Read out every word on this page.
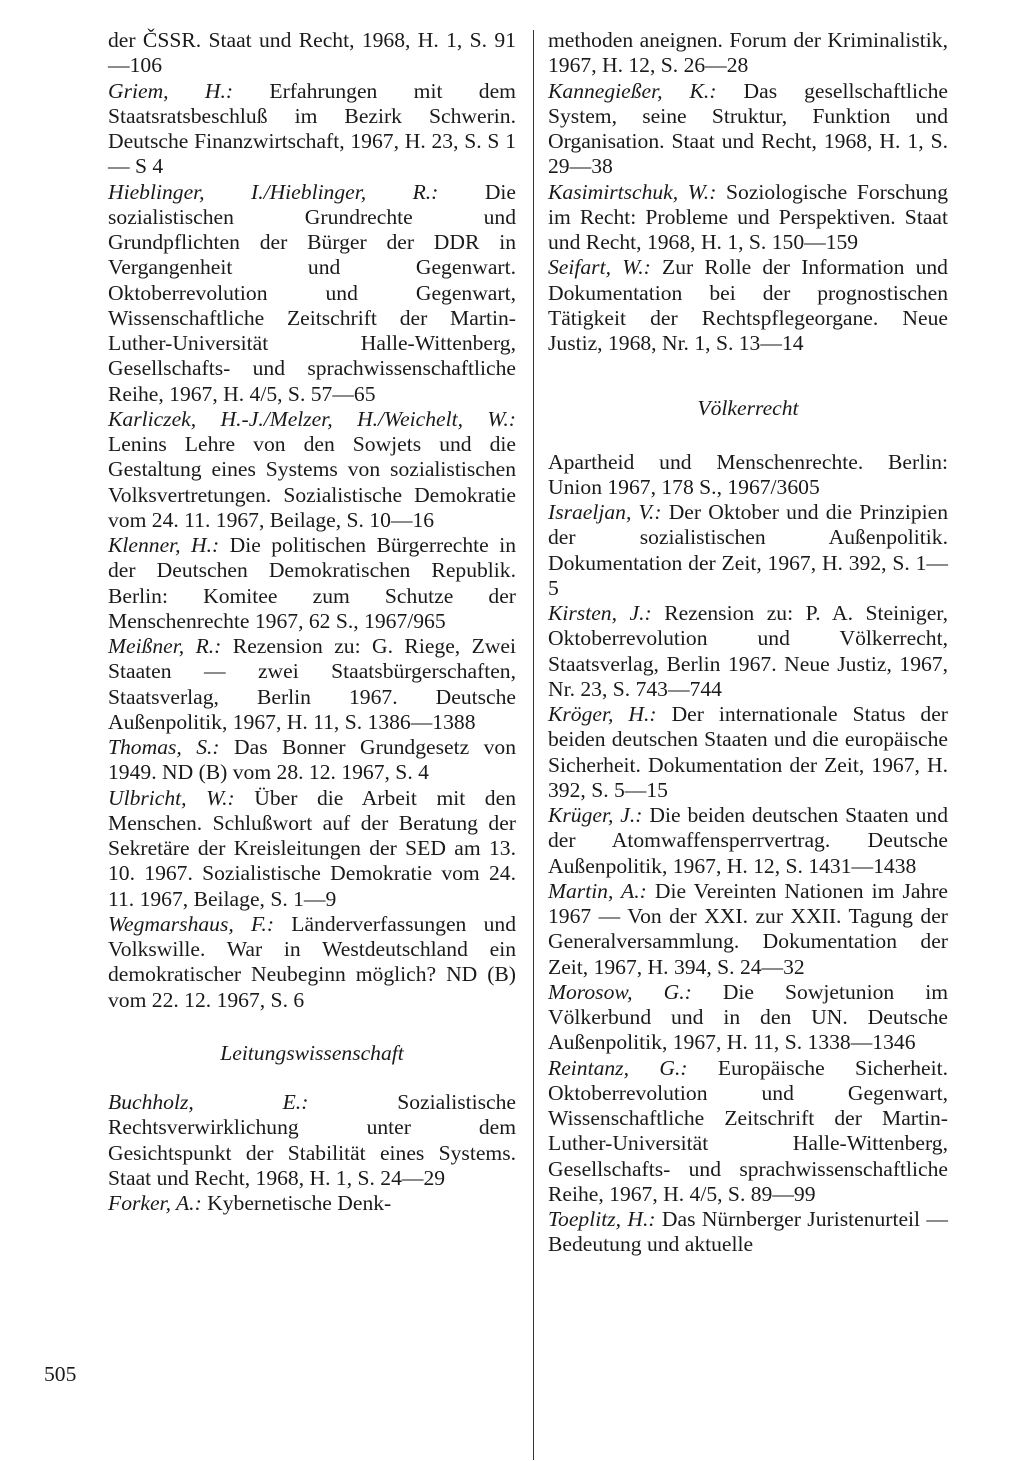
der ČSSR. Staat und Recht, 1968, H. 1, S. 91—106

Griem, H.: Erfahrungen mit dem Staatsratsbeschluß im Bezirk Schwerin. Deutsche Finanzwirtschaft, 1967, H. 23, S. S 1— S 4

Hieblinger, I./Hieblinger, R.: Die sozialistischen Grundrechte und Grundpflichten der Bürger der DDR in Vergangenheit und Gegenwart. Oktoberrevolution und Gegenwart, Wissenschaftliche Zeitschrift der Martin-Luther-Universität Halle-Wittenberg, Gesellschafts- und sprachwissenschaftliche Reihe, 1967, H. 4/5, S. 57—65

Karliczek, H.-J./Melzer, H./Weichelt, W.: Lenins Lehre von den Sowjets und die Gestaltung eines Systems von sozialistischen Volksvertretungen. Sozialistische Demokratie vom 24. 11. 1967, Beilage, S. 10—16

Klenner, H.: Die politischen Bürgerrechte in der Deutschen Demokratischen Republik. Berlin: Komitee zum Schutze der Menschenrechte 1967, 62 S., 1967/965

Meißner, R.: Rezension zu: G. Riege, Zwei Staaten — zwei Staatsbürgerschaften, Staatsverlag, Berlin 1967. Deutsche Außenpolitik, 1967, H. 11, S. 1386—1388

Thomas, S.: Das Bonner Grundgesetz von 1949. ND (B) vom 28. 12. 1967, S. 4

Ulbricht, W.: Über die Arbeit mit den Menschen. Schlußwort auf der Beratung der Sekretäre der Kreisleitungen der SED am 13. 10. 1967. Sozialistische Demokratie vom 24. 11. 1967, Beilage, S. 1—9

Wegmarshaus, F.: Länderverfassungen und Volkswille. War in Westdeutschland ein demokratischer Neubeginn möglich? ND (B) vom 22. 12. 1967, S. 6

Leitungswissenschaft

Buchholz, E.: Sozialistische Rechtsverwirklichung unter dem Gesichtspunkt der Stabilität eines Systems. Staat und Recht, 1968, H. 1, S. 24—29

Forker, A.: Kybernetische Denk-

methoden aneignen. Forum der Kriminalistik, 1967, H. 12, S. 26—28

Kannegießer, K.: Das gesellschaftliche System, seine Struktur, Funktion und Organisation. Staat und Recht, 1968, H. 1, S. 29—38

Kasimirtschuk, W.: Soziologische Forschung im Recht: Probleme und Perspektiven. Staat und Recht, 1968, H. 1, S. 150—159

Seifart, W.: Zur Rolle der Information und Dokumentation bei der prognostischen Tätigkeit der Rechtspflegeorgane. Neue Justiz, 1968, Nr. 1, S. 13—14

Völkerrecht

Apartheid und Menschenrechte. Berlin: Union 1967, 178 S., 1967/3605

Israeljan, V.: Der Oktober und die Prinzipien der sozialistischen Außenpolitik. Dokumentation der Zeit, 1967, H. 392, S. 1—5

Kirsten, J.: Rezension zu: P. A. Steiniger, Oktoberrevolution und Völkerrecht, Staatsverlag, Berlin 1967. Neue Justiz, 1967, Nr. 23, S. 743—744

Kröger, H.: Der internationale Status der beiden deutschen Staaten und die europäische Sicherheit. Dokumentation der Zeit, 1967, H. 392, S. 5—15

Krüger, J.: Die beiden deutschen Staaten und der Atomwaffensperrvertrag. Deutsche Außenpolitik, 1967, H. 12, S. 1431—1438

Martin, A.: Die Vereinten Nationen im Jahre 1967 — Von der XXI. zur XXII. Tagung der Generalversammlung. Dokumentation der Zeit, 1967, H. 394, S. 24—32

Morosow, G.: Die Sowjetunion im Völkerbund und in den UN. Deutsche Außenpolitik, 1967, H. 11, S. 1338—1346

Reintanz, G.: Europäische Sicherheit. Oktoberrevolution und Gegenwart, Wissenschaftliche Zeitschrift der Martin-Luther-Universität Halle-Wittenberg, Gesellschafts- und sprachwissenschaftliche Reihe, 1967, H. 4/5, S. 89—99

Toeplitz, H.: Das Nürnberger Juristenurteil — Bedeutung und aktuelle

505
